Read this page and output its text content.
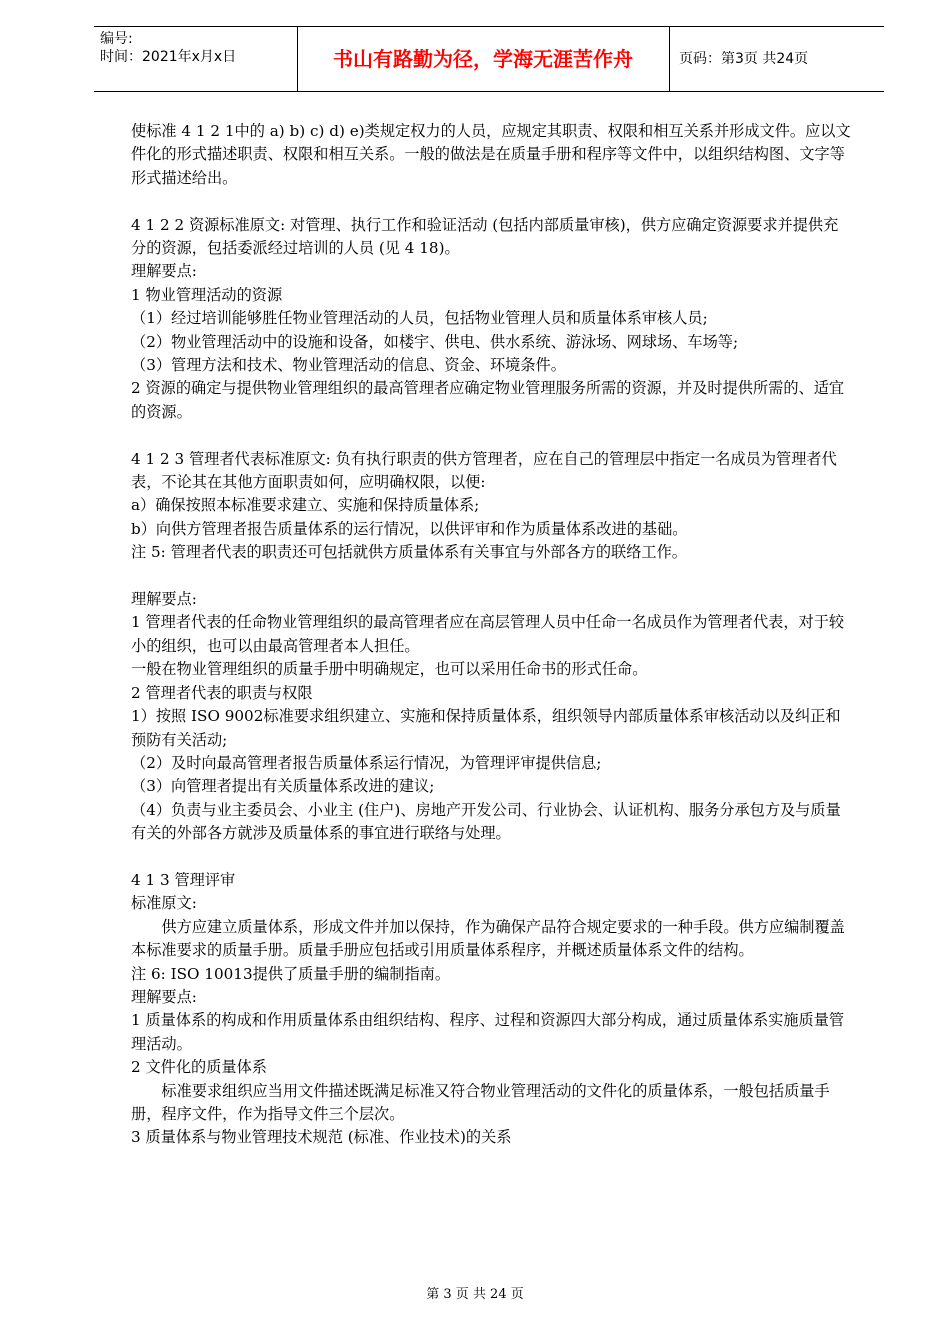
编号:
时间：2021年x月x日	书山有路勤为径，学海无涯苦作舟	页码：第3页 共24页

使标准 4 1 2 1中的 a) b) c) d) e)类规定权力的人员，应规定其职责、权限和相互关系并形成文件。应以文件化的形式描述职责、权限和相互关系。一般的做法是在质量手册和程序等文件中，以组织结构图、文字等形式描述给出。

4 1 2 2 资源标准原文: 对管理、执行工作和验证活动 (包括内部质量审核)，供方应确定资源要求并提供充分的资源，包括委派经过培训的人员 (见 4 18)。

理解要点:

1 物业管理活动的资源

（1）经过培训能够胜任物业管理活动的人员，包括物业管理人员和质量体系审核人员;

（2）物业管理活动中的设施和设备，如楼宇、供电、供水系统、游泳场、网球场、车场等;

（3）管理方法和技术、物业管理活动的信息、资金、环境条件。

2 资源的确定与提供物业管理组织的最高管理者应确定物业管理服务所需的资源，并及时提供所需的、适宜的资源。

4 1 2 3 管理者代表标准原文: 负有执行职责的供方管理者，应在自己的管理层中指定一名成员为管理者代表，不论其在其他方面职责如何，应明确权限，以便:

a）确保按照本标准要求建立、实施和保持质量体系;

b）向供方管理者报告质量体系的运行情况，以供评审和作为质量体系改进的基础。

注 5: 管理者代表的职责还可包括就供方质量体系有关事宜与外部各方的联络工作。

理解要点:

1 管理者代表的任命物业管理组织的最高管理者应在高层管理人员中任命一名成员作为管理者代表，对于较小的组织，也可以由最高管理者本人担任。

一般在物业管理组织的质量手册中明确规定，也可以采用任命书的形式任命。

2 管理者代表的职责与权限

1）按照 ISO 9002标准要求组织建立、实施和保持质量体系，组织领导内部质量体系审核活动以及纠正和预防有关活动;

（2）及时向最高管理者报告质量体系运行情况，为管理评审提供信息;

（3）向管理者提出有关质量体系改进的建议;

（4）负责与业主委员会、小业主 (住户)、房地产开发公司、行业协会、认证机构、服务分承包方及与质量有关的外部各方就涉及质量体系的事宜进行联络与处理。

4 1 3 管理评审

标准原文:

供方应建立质量体系，形成文件并加以保持，作为确保产品符合规定要求的一种手段。供方应编制覆盖本标准要求的质量手册。质量手册应包括或引用质量体系程序，并概述质量体系文件的结构。

注 6: ISO 10013提供了质量手册的编制指南。

理解要点:

1 质量体系的构成和作用质量体系由组织结构、程序、过程和资源四大部分构成，通过质量体系实施质量管理活动。

2 文件化的质量体系

标准要求组织应当用文件描述既满足标准又符合物业管理活动的文件化的质量体系，一般包括质量手册，程序文件，作为指导文件三个层次。

3 质量体系与物业管理技术规范 (标准、作业技术)的关系

第 3 页 共 24 页
